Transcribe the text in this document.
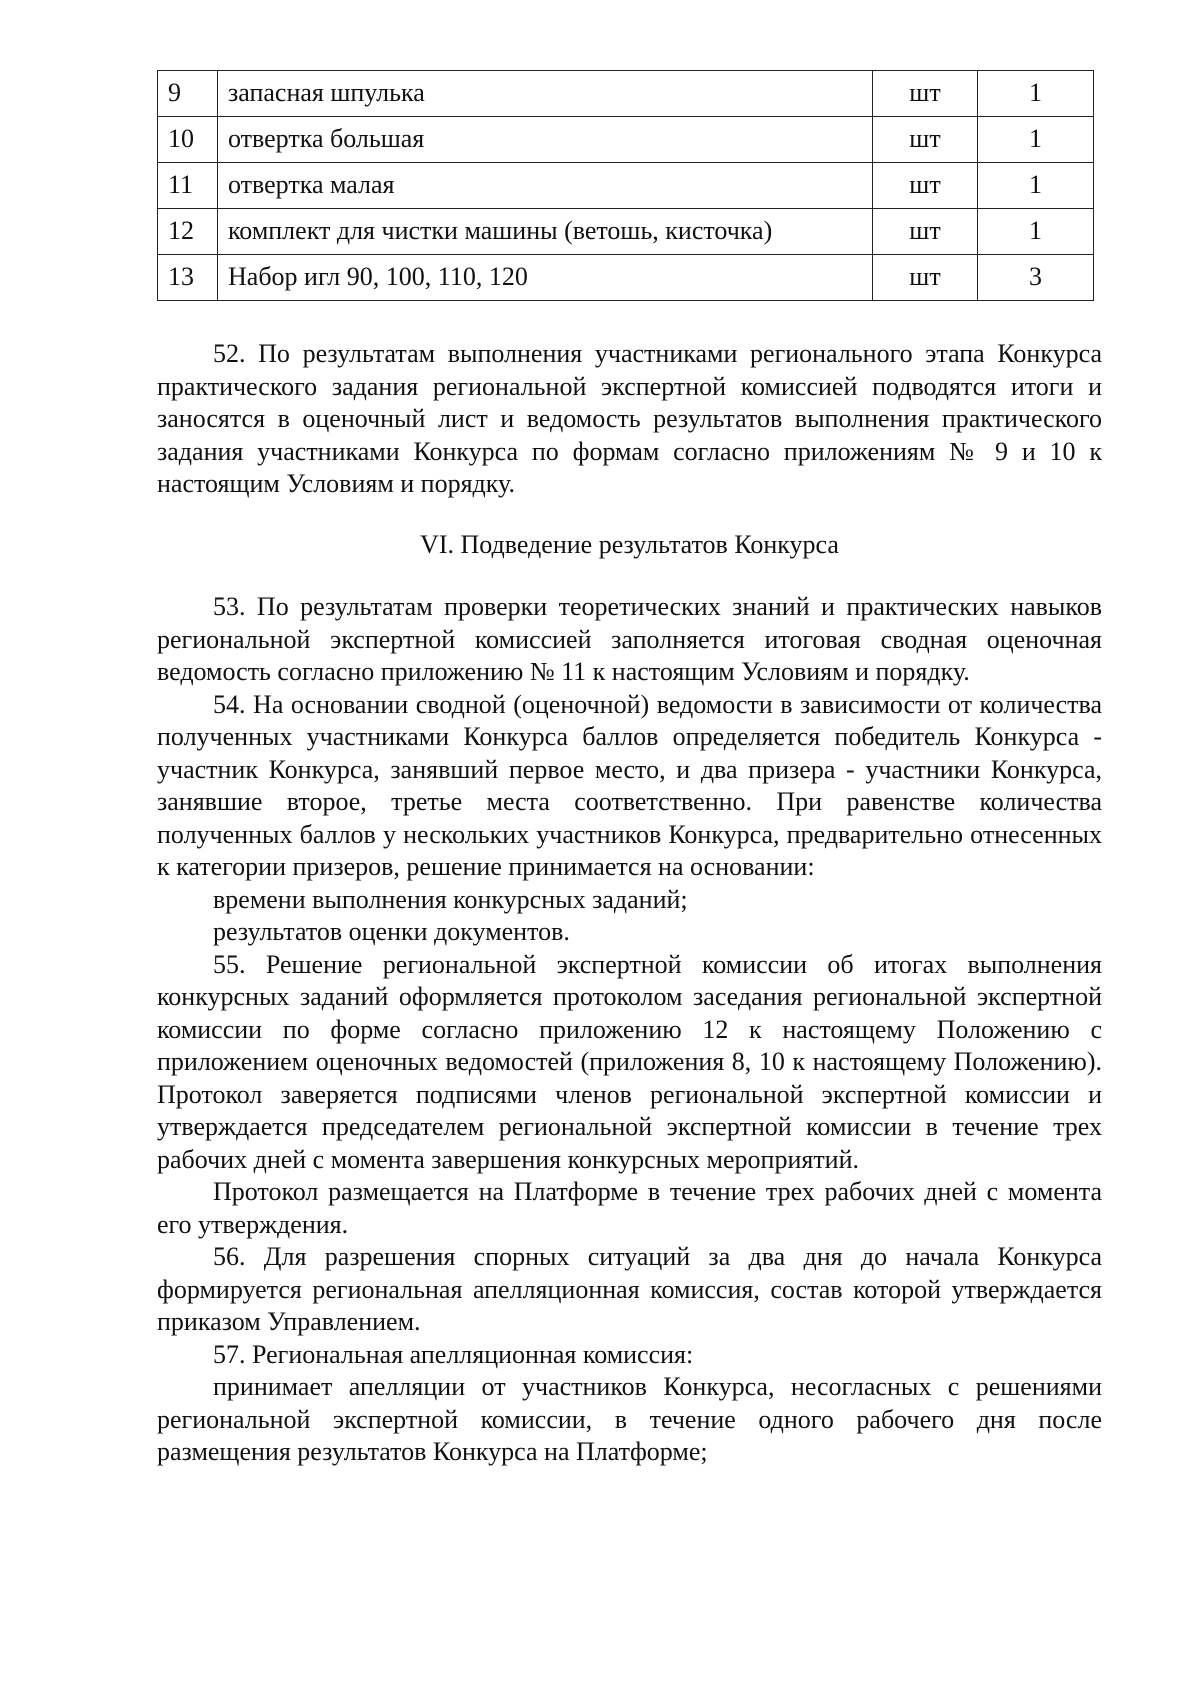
9	запасная шпулька	шт	1
10	отвертка большая	шт	1
11	отвертка малая	шт	1
12	комплект для чистки машины (ветошь, кисточка)	шт	1
13	Набор игл 90, 100, 110, 120	шт	3

52. По результатам выполнения участниками регионального этапа Конкурса практического задания региональной экспертной комиссией подводятся итоги и заносятся в оценочный лист и ведомость результатов выполнения практического задания участниками Конкурса по формам согласно приложениям № 9 и 10 к настоящим Условиям и порядку.

VI. Подведение результатов Конкурса

53. По результатам проверки теоретических знаний и практических навыков региональной экспертной комиссией заполняется итоговая сводная оценочная ведомость согласно приложению № 11 к настоящим Условиям и порядку.

54. На основании сводной (оценочной) ведомости в зависимости от количества полученных участниками Конкурса баллов определяется победитель Конкурса - участник Конкурса, занявший первое место, и два призера - участники Конкурса, занявшие второе, третье места соответственно. При равенстве количества полученных баллов у нескольких участников Конкурса, предварительно отнесенных к категории призеров, решение принимается на основании:

времени выполнения конкурсных заданий;

результатов оценки документов.

55. Решение региональной экспертной комиссии об итогах выполнения конкурсных заданий оформляется протоколом заседания региональной экспертной комиссии по форме согласно приложению 12 к настоящему Положению с приложением оценочных ведомостей (приложения 8, 10 к настоящему Положению). Протокол заверяется подписями членов региональной экспертной комиссии и утверждается председателем региональной экспертной комиссии в течение трех рабочих дней с момента завершения конкурсных мероприятий.

Протокол размещается на Платформе в течение трех рабочих дней с момента его утверждения.

56. Для разрешения спорных ситуаций за два дня до начала Конкурса формируется региональная апелляционная комиссия, состав которой утверждается приказом Управлением.

57. Региональная апелляционная комиссия:

принимает апелляции от участников Конкурса, несогласных с решениями региональной экспертной комиссии, в течение одного рабочего дня после размещения результатов Конкурса на Платформе;
